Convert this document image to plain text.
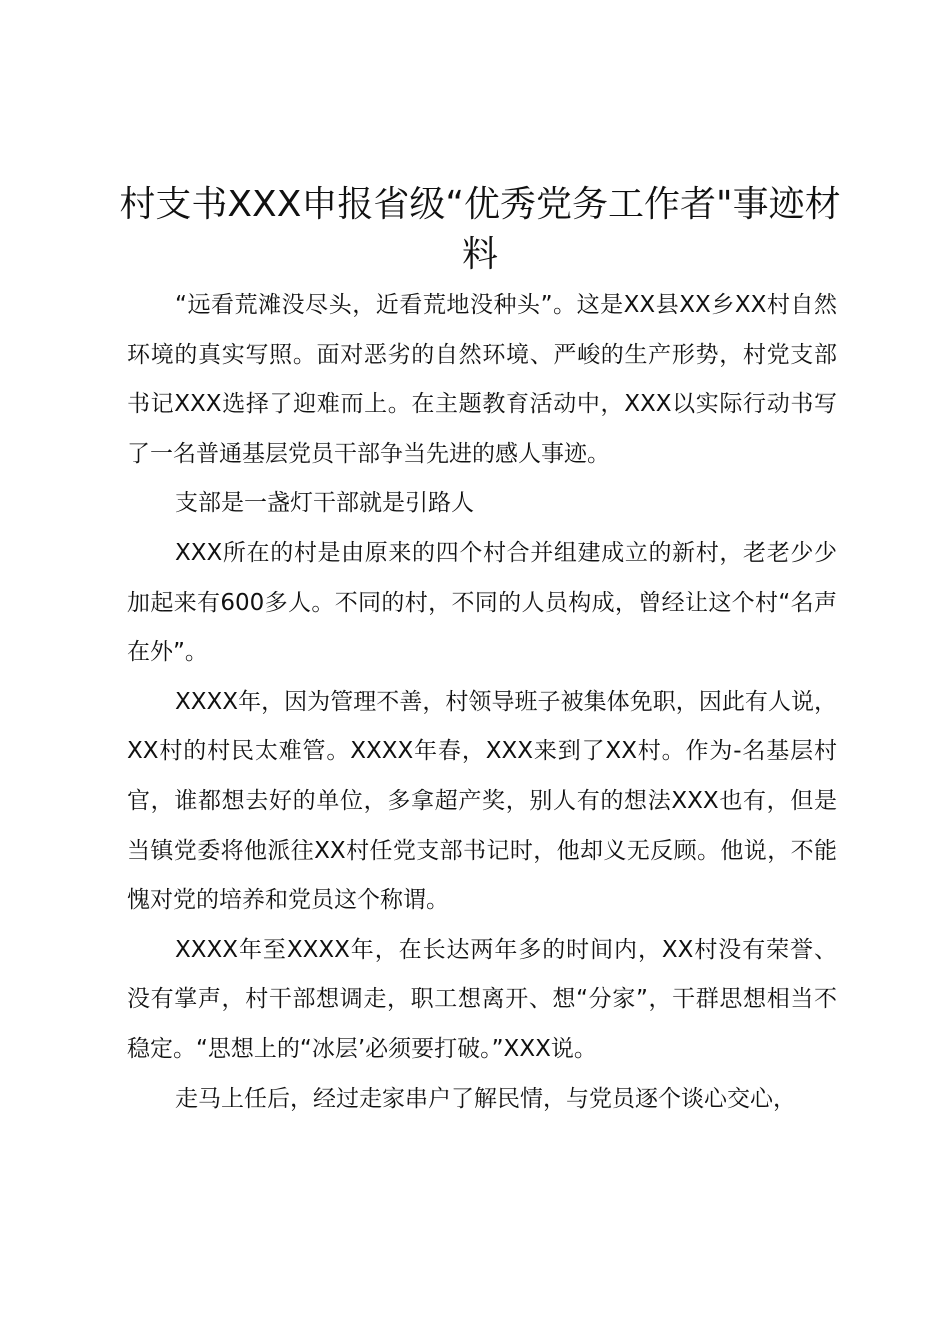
村支书XXX申报省级“优秀党务工作者"事迹材料

“远看荒滩没尽头，近看荒地没种头”。这是XX县XX乡XX村自然环境的真实写照。面对恶劣的自然环境、严峻的生产形势，村党支部书记XXX选择了迎难而上。在主题教育活动中，XXX以实际行动书写了一名普通基层党员干部争当先进的感人事迹。

支部是一盏灯干部就是引路人

XXX所在的村是由原来的四个村合并组建成立的新村，老老少少加起来有600多人。不同的村，不同的人员构成，曾经让这个村“名声在外”。

XXXX年，因为管理不善，村领导班子被集体免职，因此有人说，XX村的村民太难管。XXXX年春，XXX来到了XX村。作为-名基层村官，谁都想去好的单位，多拿超产奖，别人有的想法XXX也有，但是当镇党委将他派往XX村任党支部书记时，他却义无反顾。他说，不能愧对党的培养和党员这个称谓。

XXXX年至XXXX年，在长达两年多的时间内，XX村没有荣誉、没有掌声，村干部想调走，职工想离开、想“分家”，干群思想相当不稳定。“思想上的“冰层’必须要打破。”XXX说。

走马上任后，经过走家串户了解民情，与党员逐个谈心交心，
